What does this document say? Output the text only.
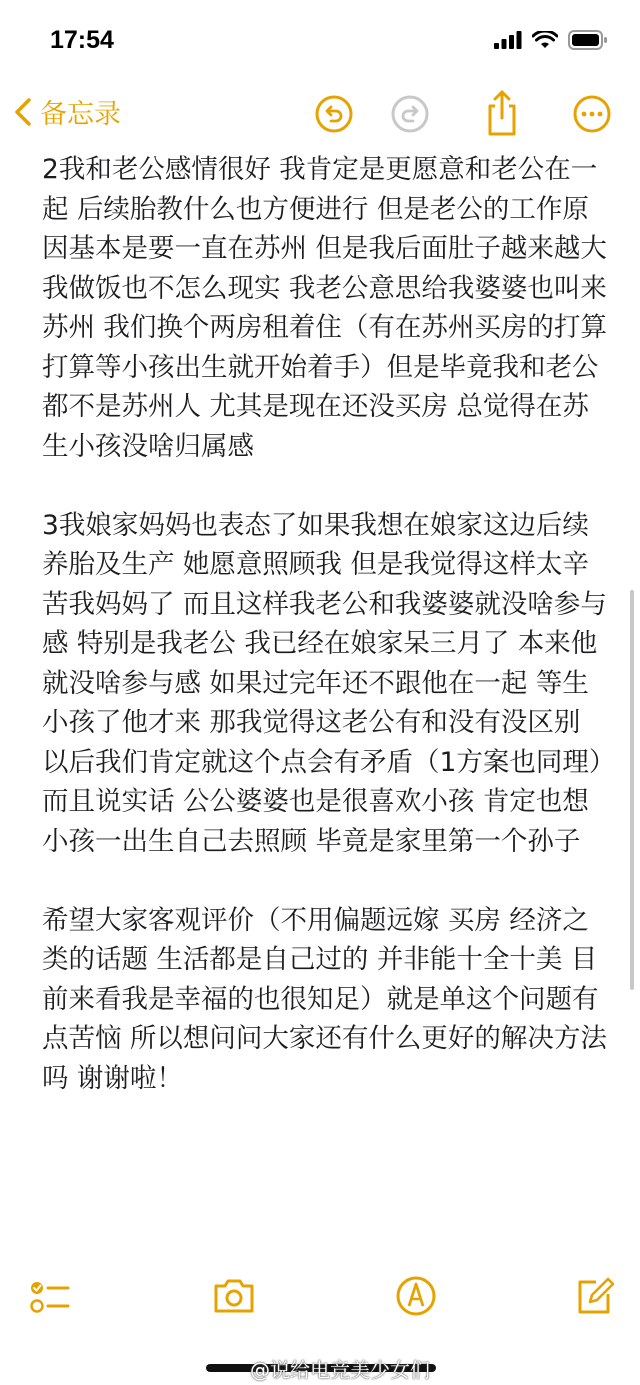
17:54
备忘录

2我和老公感情很好 我肯定是更愿意和老公在一起 后续胎教什么也方便进行 但是老公的工作原因基本是要一直在苏州 但是我后面肚子越来越大 我做饭也不怎么现实 我老公意思给我婆婆也叫来苏州 我们换个两房租着住（有在苏州买房的打算 打算等小孩出生就开始着手）但是毕竟我和老公都不是苏州人 尤其是现在还没买房 总觉得在苏生小孩没啥归属感

3我娘家妈妈也表态了如果我想在娘家这边后续养胎及生产 她愿意照顾我 但是我觉得这样太辛苦我妈妈了 而且这样我老公和我婆婆就没啥参与感 特别是我老公 我已经在娘家呆三月了 本来他就没啥参与感 如果过完年还不跟他在一起 等生小孩了他才来 那我觉得这老公有和没有没区别 以后我们肯定就这个点会有矛盾（1方案也同理）而且说实话 公公婆婆也是很喜欢小孩 肯定也想小孩一出生自己去照顾 毕竟是家里第一个孙子

希望大家客观评价（不用偏题远嫁 买房 经济之类的话题 生活都是自己过的 并非能十全十美 目前来看我是幸福的也很知足）就是单这个问题有点苦恼 所以想问问大家还有什么更好的解决方法吗 谢谢啦！

@说给电竞美少女们
